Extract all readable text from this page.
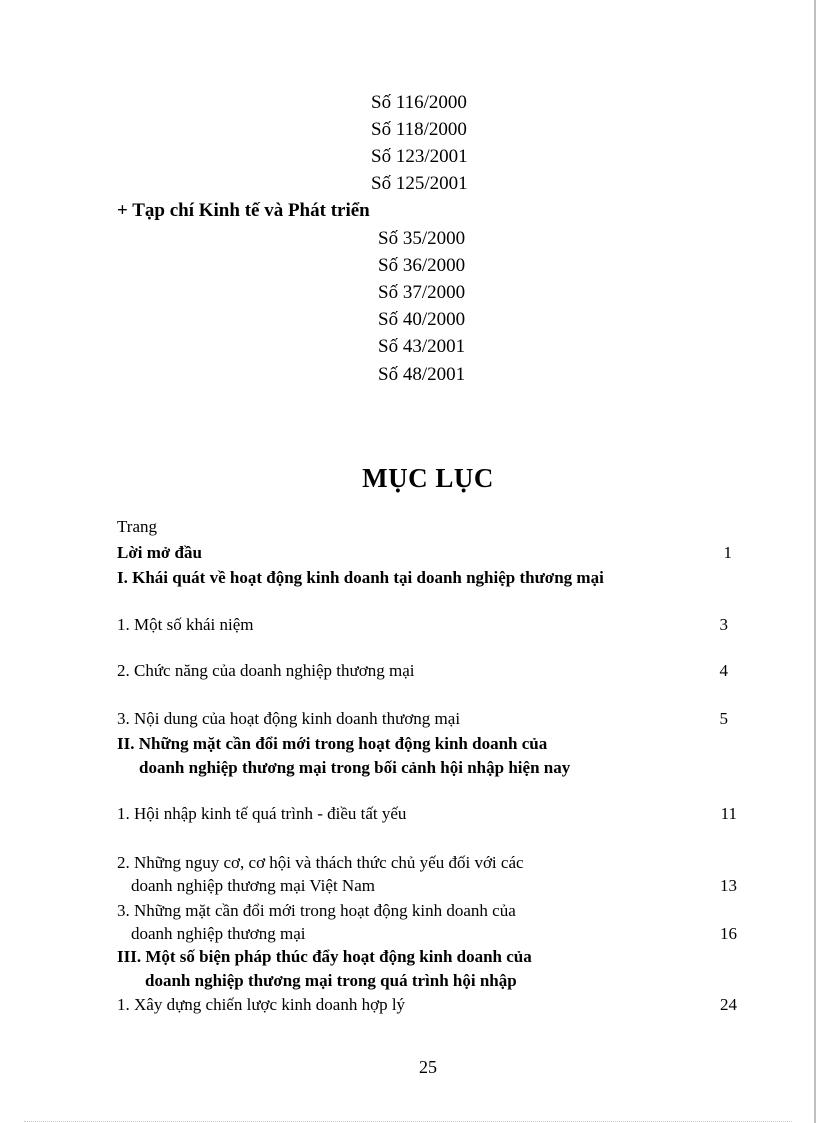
Số 116/2000
Số 118/2000
Số 123/2001
Số 125/2001
+ Tạp chí Kinh tế và Phát triển
Số 35/2000
Số 36/2000
Số 37/2000
Số 40/2000
Số 43/2001
Số 48/2001
MỤC LỤC
Trang
Lời mở đầu	1
I. Khái quát về hoạt động kinh doanh tại doanh nghiệp thương mại
1. Một số khái niệm	3
2. Chức năng của doanh nghiệp thương mại	4
3. Nội dung của hoạt động kinh doanh thương mại	5
II. Những mặt cần đổi mới trong hoạt động kinh doanh của
doanh nghiệp thương mại trong bối cảnh hội nhập hiện nay
1. Hội nhập kinh tế quá trình - điều tất yếu	11
2. Những nguy cơ, cơ hội và thách thức chủ yếu đối với các
doanh nghiệp thương mại Việt Nam	13
3. Những mặt cần đổi mới trong hoạt động kinh doanh của
doanh nghiệp thương mại	16
III. Một số biện pháp thúc đẩy hoạt động kinh doanh của
doanh nghiệp thương mại trong quá trình hội nhập
1. Xây dựng chiến lược kinh doanh hợp lý	24
25
